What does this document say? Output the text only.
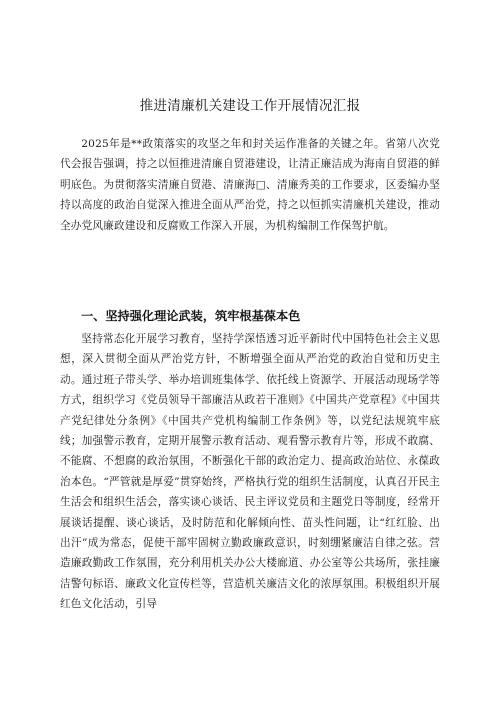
推进清廉机关建设工作开展情况汇报

2025年是**政策落实的攻坚之年和封关运作准备的关键之年。省第八次党代会报告强调，持之以恒推进清廉自贸港建设，让清正廉洁成为海南自贸港的鲜明底色。为贯彻落实清廉自贸港、清廉海□、清廉秀美的工作要求，区委编办坚持以高度的政治自觉深入推进全面从严治党，持之以恒抓实清廉机关建设，推动全办党风廉政建设和反腐败工作深入开展，为机构编制工作保驾护航。

一、坚持强化理论武装，筑牢根基葆本色

坚持常态化开展学习教育，坚持学深悟透习近平新时代中国特色社会主义思想，深入贯彻全面从严治党方针，不断增强全面从严治党的政治自觉和历史主动。通过班子带头学、举办培训班集体学、依托线上资源学、开展活动现场学等方式，组织学习《党员领导干部廉洁从政若干准则》《中国共产党章程》《中国共产党纪律处分条例》《中国共产党机构编制工作条例》等，以党纪法规筑牢底线；加强警示教育，定期开展警示教育活动、观看警示教育片等，形成不敢腐、不能腐、不想腐的政治氛围，不断强化干部的政治定力、提高政治站位、永葆政治本色。“严管就是厚爱”贯穿始终，严格执行党的组织生活制度，认真召开民主生活会和组织生活会，落实谈心谈话、民主评议党员和主题党日等制度，经常开展谈话提醒、谈心谈话，及时防范和化解倾向性、苗头性问题，让“红红脸、出出汗”成为常态，促使干部牢固树立勤政廉政意识，时刻绷紧廉洁自律之弦。营造廉政勤政工作氛围，充分利用机关办公大楼廊道、办公室等公共场所，张挂廉洁警句标语、廉政文化宣传栏等，营造机关廉洁文化的浓厚氛围。积极组织开展红色文化活动，引导
